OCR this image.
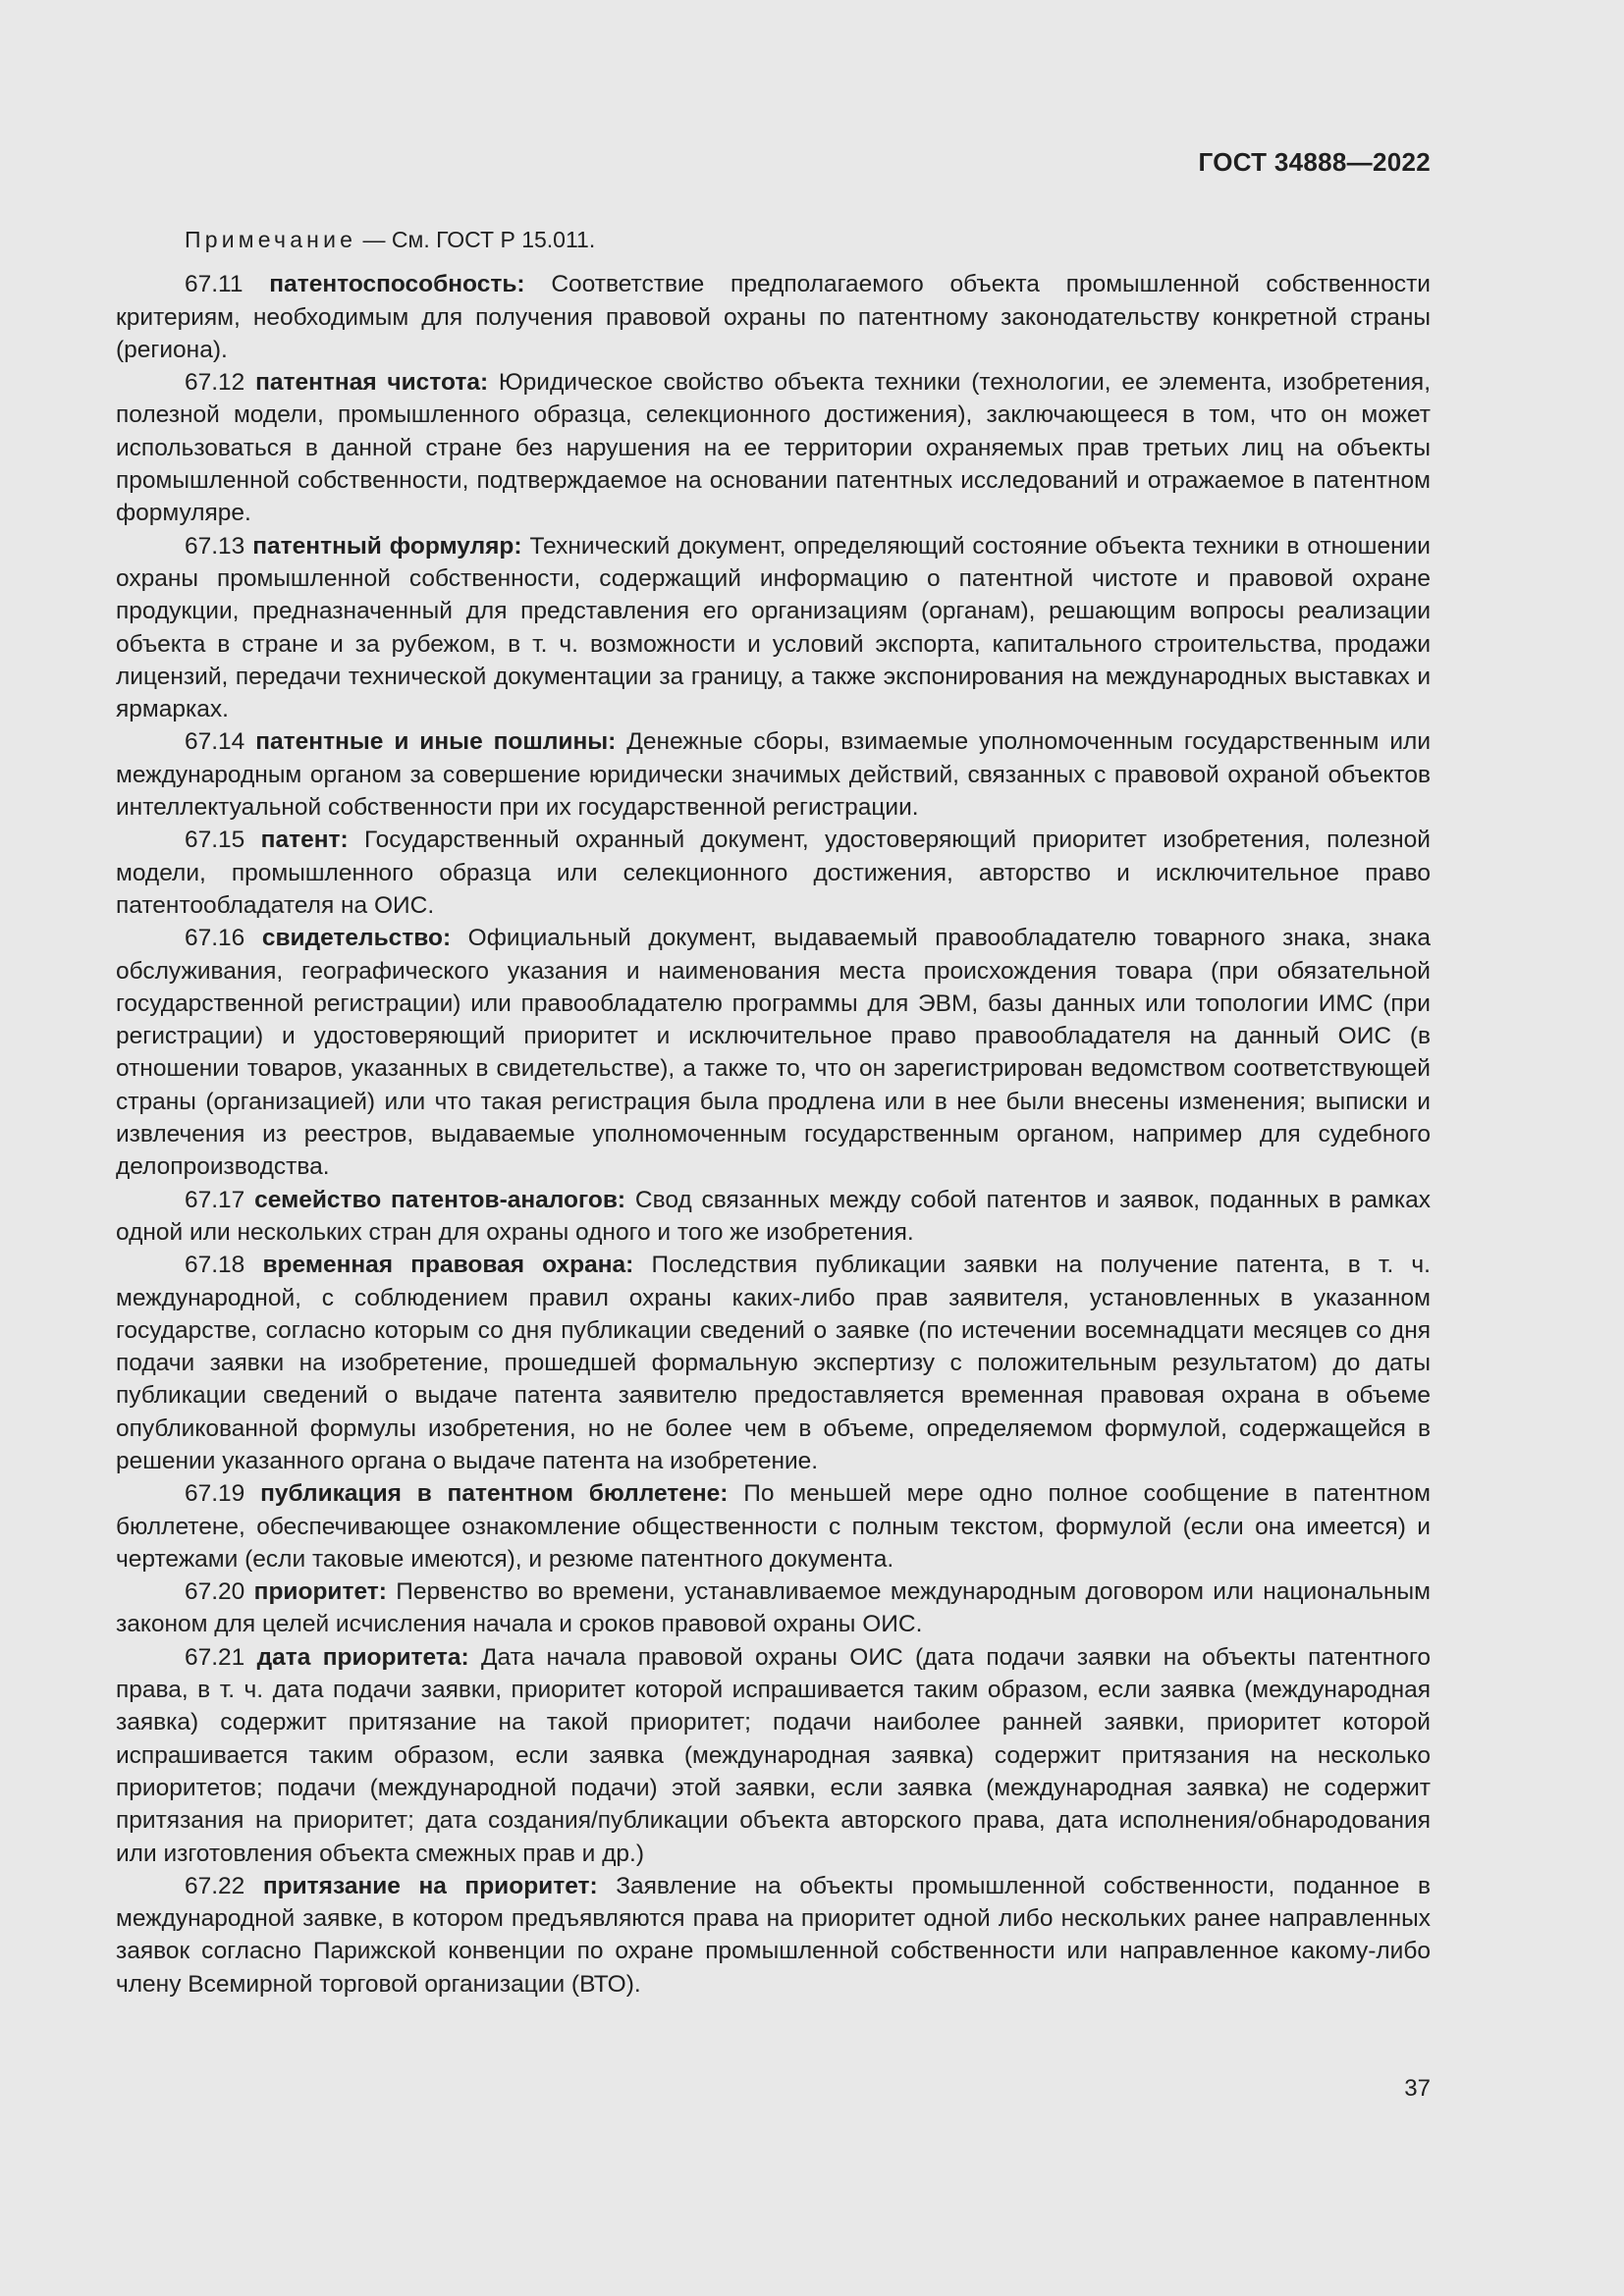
ГОСТ 34888—2022

Примечание — См. ГОСТ Р 15.011.

67.11 патентоспособность: Соответствие предполагаемого объекта промышленной собственности критериям, необходимым для получения правовой охраны по патентному законодательству конкретной страны (региона).

67.12 патентная чистота: Юридическое свойство объекта техники (технологии, ее элемента, изобретения, полезной модели, промышленного образца, селекционного достижения), заключающееся в том, что он может использоваться в данной стране без нарушения на ее территории охраняемых прав третьих лиц на объекты промышленной собственности, подтверждаемое на основании патентных исследований и отражаемое в патентном формуляре.

67.13 патентный формуляр: Технический документ, определяющий состояние объекта техники в отношении охраны промышленной собственности, содержащий информацию о патентной чистоте и правовой охране продукции, предназначенный для представления его организациям (органам), решающим вопросы реализации объекта в стране и за рубежом, в т. ч. возможности и условий экспорта, капитального строительства, продажи лицензий, передачи технической документации за границу, а также экспонирования на международных выставках и ярмарках.

67.14 патентные и иные пошлины: Денежные сборы, взимаемые уполномоченным государственным или международным органом за совершение юридически значимых действий, связанных с правовой охраной объектов интеллектуальной собственности при их государственной регистрации.

67.15 патент: Государственный охранный документ, удостоверяющий приоритет изобретения, полезной модели, промышленного образца или селекционного достижения, авторство и исключительное право патентообладателя на ОИС.

67.16 свидетельство: Официальный документ, выдаваемый правообладателю товарного знака, знака обслуживания, географического указания и наименования места происхождения товара (при обязательной государственной регистрации) или правообладателю программы для ЭВМ, базы данных или топологии ИМС (при регистрации) и удостоверяющий приоритет и исключительное право правообладателя на данный ОИС (в отношении товаров, указанных в свидетельстве), а также то, что он зарегистрирован ведомством соответствующей страны (организацией) или что такая регистрация была продлена или в нее были внесены изменения; выписки и извлечения из реестров, выдаваемые уполномоченным государственным органом, например для судебного делопроизводства.

67.17 семейство патентов-аналогов: Свод связанных между собой патентов и заявок, поданных в рамках одной или нескольких стран для охраны одного и того же изобретения.

67.18 временная правовая охрана: Последствия публикации заявки на получение патента, в т. ч. международной, с соблюдением правил охраны каких-либо прав заявителя, установленных в указанном государстве, согласно которым со дня публикации сведений о заявке (по истечении восемнадцати месяцев со дня подачи заявки на изобретение, прошедшей формальную экспертизу с положительным результатом) до даты публикации сведений о выдаче патента заявителю предоставляется временная правовая охрана в объеме опубликованной формулы изобретения, но не более чем в объеме, определяемом формулой, содержащейся в решении указанного органа о выдаче патента на изобретение.

67.19 публикация в патентном бюллетене: По меньшей мере одно полное сообщение в патентном бюллетене, обеспечивающее ознакомление общественности с полным текстом, формулой (если она имеется) и чертежами (если таковые имеются), и резюме патентного документа.

67.20 приоритет: Первенство во времени, устанавливаемое международным договором или национальным законом для целей исчисления начала и сроков правовой охраны ОИС.

67.21 дата приоритета: Дата начала правовой охраны ОИС (дата подачи заявки на объекты патентного права, в т. ч. дата подачи заявки, приоритет которой испрашивается таким образом, если заявка (международная заявка) содержит притязание на такой приоритет; подачи наиболее ранней заявки, приоритет которой испрашивается таким образом, если заявка (международная заявка) содержит притязания на несколько приоритетов; подачи (международной подачи) этой заявки, если заявка (международная заявка) не содержит притязания на приоритет; дата создания/публикации объекта авторского права, дата исполнения/обнародования или изготовления объекта смежных прав и др.)

67.22 притязание на приоритет: Заявление на объекты промышленной собственности, поданное в международной заявке, в котором предъявляются права на приоритет одной либо нескольких ранее направленных заявок согласно Парижской конвенции по охране промышленной собственности или направленное какому-либо члену Всемирной торговой организации (ВТО).

37
